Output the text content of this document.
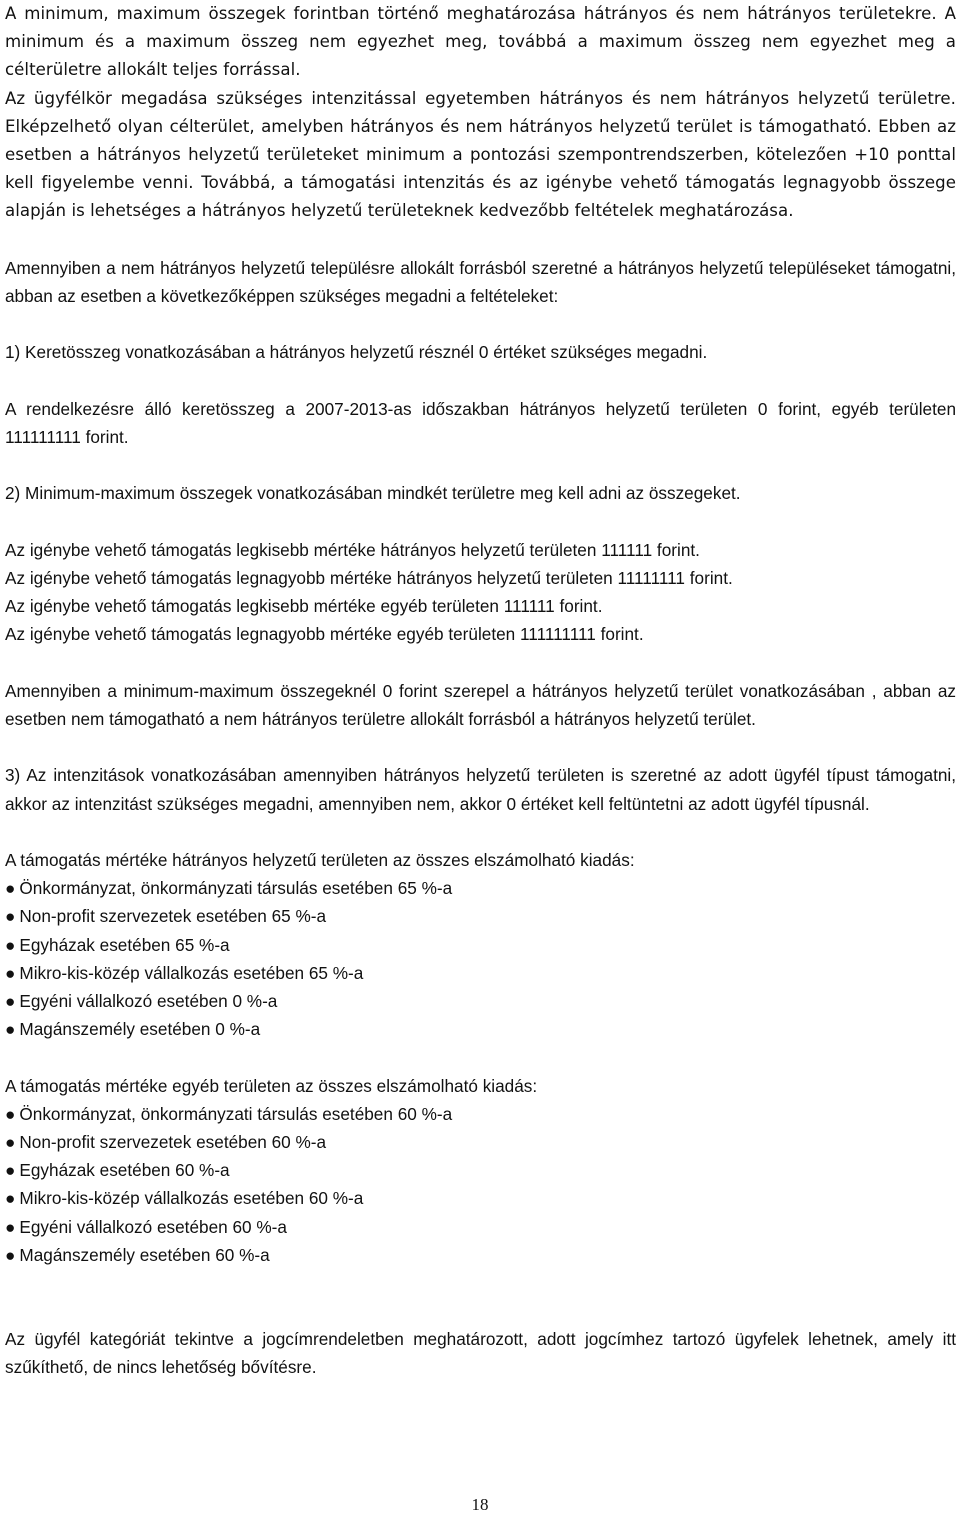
A minimum, maximum összegek forintban történő meghatározása hátrányos és nem hátrányos területekre. A minimum és a maximum összeg nem egyezhet meg, továbbá a maximum összeg nem egyezhet meg a célterületre allokált teljes forrással.

Az ügyfélkör megadása szükséges intenzitással egyetemben hátrányos és nem hátrányos helyzetű területre. Elképzelhető olyan célterület, amelyben hátrányos és nem hátrányos helyzetű terület is támogatható. Ebben az esetben a hátrányos helyzetű területeket minimum a pontozási szempontrendszerben, kötelezően +10 ponttal kell figyelembe venni. Továbbá, a támogatási intenzitás és az igénybe vehető támogatás legnagyobb összege alapján is lehetséges a hátrányos helyzetű területeknek kedvezőbb feltételek meghatározása.

Amennyiben a nem hátrányos helyzetű településre allokált forrásból szeretné a hátrányos helyzetű településeket támogatni, abban az esetben a következőképpen szükséges megadni a feltételeket:

1) Keretösszeg vonatkozásában a hátrányos helyzetű résznél 0 értéket szükséges megadni.

A rendelkezésre álló keretösszeg a 2007-2013-as időszakban hátrányos helyzetű területen 0 forint, egyéb területen 111111111 forint.

2) Minimum-maximum összegek vonatkozásában mindkét területre meg kell adni az összegeket.

Az igénybe vehető támogatás legkisebb mértéke hátrányos helyzetű területen 111111 forint.

Az igénybe vehető támogatás legnagyobb mértéke hátrányos helyzetű területen 11111111 forint.

Az igénybe vehető támogatás legkisebb mértéke egyéb területen 111111 forint.

Az igénybe vehető támogatás legnagyobb mértéke egyéb területen 111111111 forint.

Amennyiben a minimum-maximum összegeknél 0 forint szerepel a hátrányos helyzetű terület vonatkozásában , abban az esetben nem támogatható a nem hátrányos területre allokált forrásból a hátrányos helyzetű terület.

3) Az intenzitások vonatkozásában amennyiben hátrányos helyzetű területen is szeretné az adott ügyfél típust támogatni, akkor az intenzitást szükséges megadni, amennyiben nem, akkor 0 értéket kell feltüntetni az adott ügyfél típusnál.

A támogatás mértéke hátrányos helyzetű területen az összes elszámolható kiadás:

● Önkormányzat, önkormányzati társulás esetében 65 %-a
● Non-profit szervezetek esetében 65 %-a
● Egyházak esetében 65 %-a
● Mikro-kis-közép vállalkozás esetében 65 %-a
● Egyéni vállalkozó esetében 0 %-a
● Magánszemély esetében 0 %-a

A támogatás mértéke egyéb területen az összes elszámolható kiadás:

● Önkormányzat, önkormányzati társulás esetében 60 %-a
● Non-profit szervezetek esetében 60 %-a
● Egyházak esetében 60 %-a
● Mikro-kis-közép vállalkozás esetében 60 %-a
● Egyéni vállalkozó esetében 60 %-a
● Magánszemély esetében 60 %-a

Az ügyfél kategóriát tekintve a jogcímrendeletben meghatározott, adott jogcímhez tartozó ügyfelek lehetnek, amely itt szűkíthető, de nincs lehetőség bővítésre.

18
